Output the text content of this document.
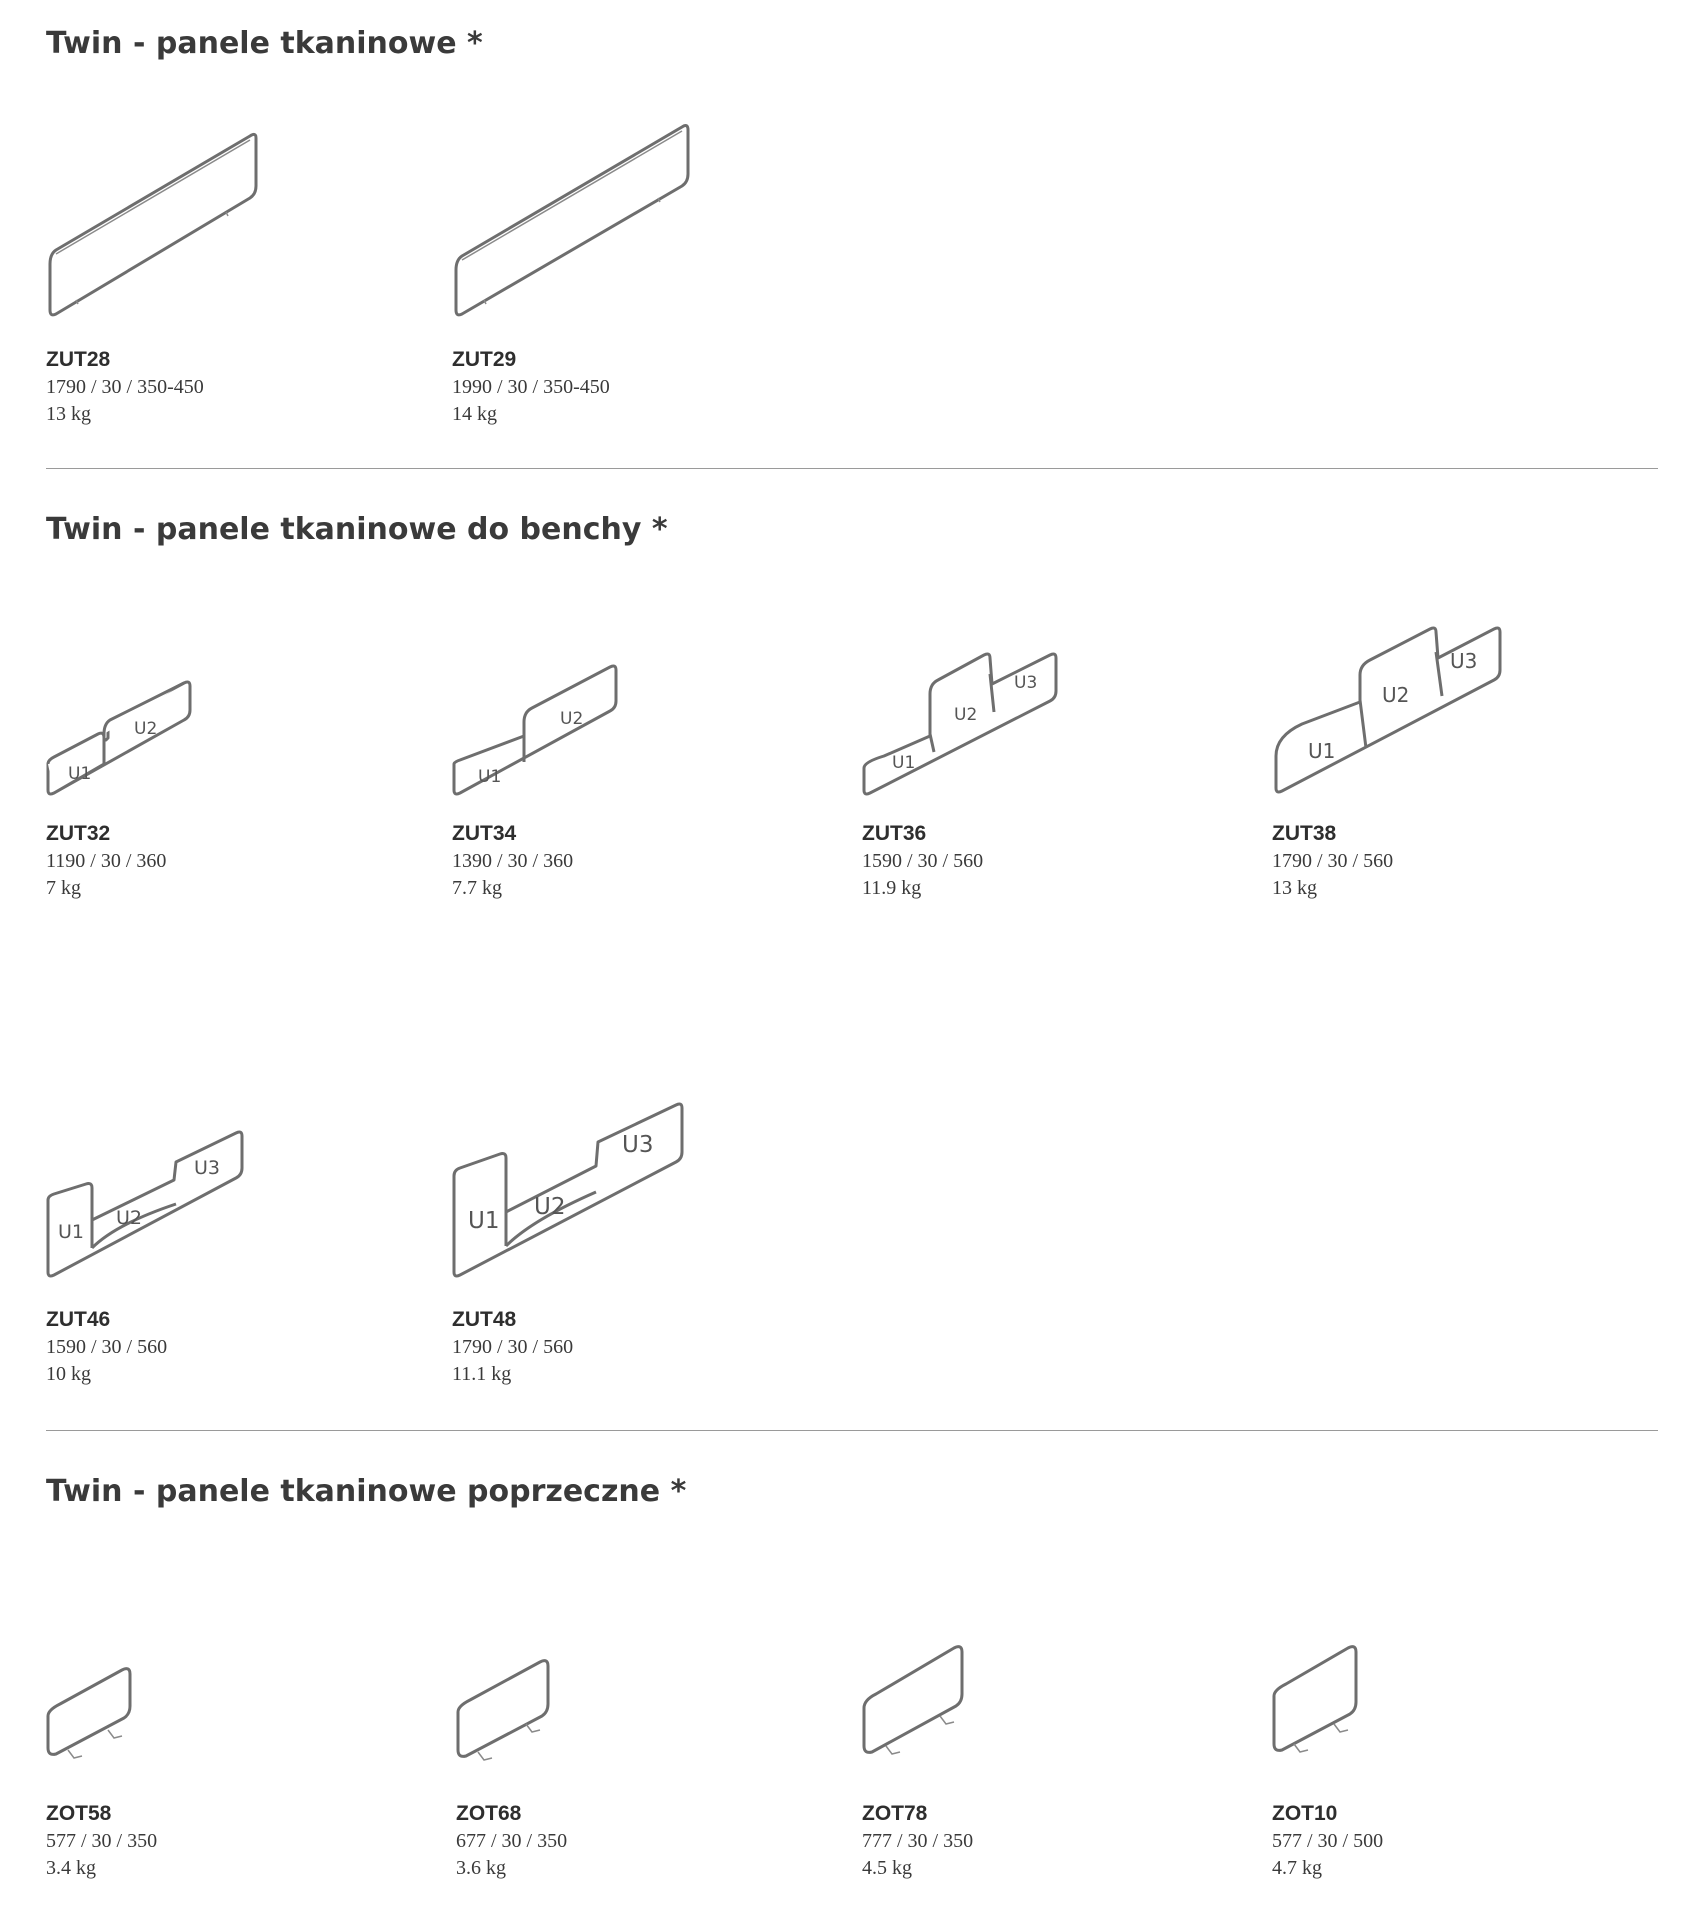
Twin - panele tkaninowe *
ZUT28
1790 / 30 / 350-450
13 kg
ZUT29
1990 / 30 / 350-450
14 kg
Twin - panele tkaninowe do benchy *
U1
U2
ZUT32
1190 / 30 / 360
7 kg
U1
U2
ZUT34
1390 / 30 / 360
7.7 kg
U1
U2
U3
ZUT36
1590 / 30 / 560
11.9 kg
U1
U2
U3
ZUT38
1790 / 30 / 560
13 kg
U1
U2
U3
ZUT46
1590 / 30 / 560
10 kg
U1
U2
U3
ZUT48
1790 / 30 / 560
11.1 kg
Twin - panele tkaninowe poprzeczne *
ZOT58
577 / 30 / 350
3.4 kg
ZOT68
677 / 30 / 350
3.6 kg
ZOT78
777 / 30 / 350
4.5 kg
ZOT10
577 / 30 / 500
4.7 kg
